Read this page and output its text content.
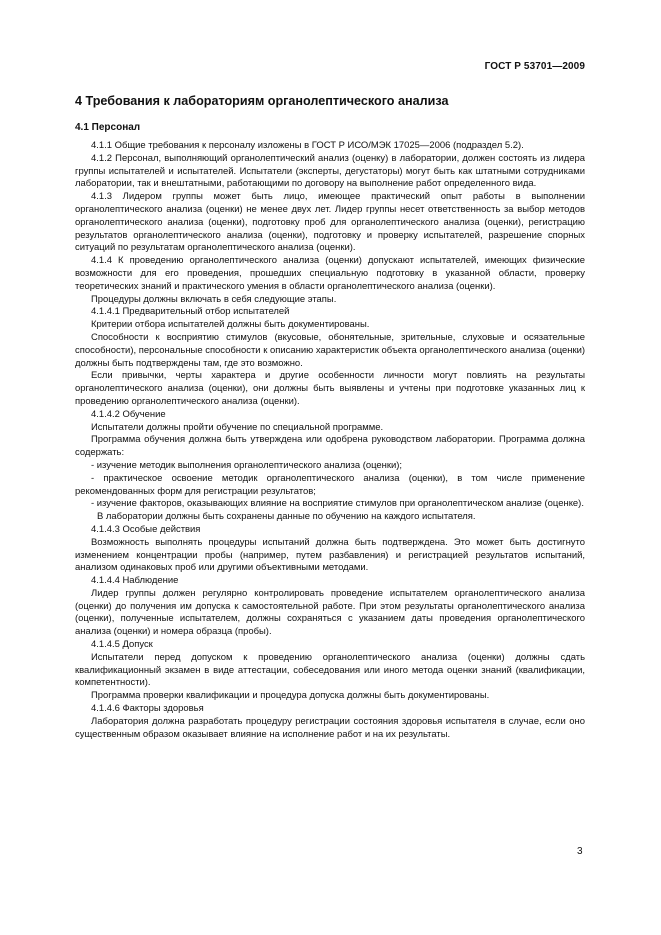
ГОСТ Р 53701—2009
4 Требования к лабораториям органолептического анализа
4.1 Персонал

4.1.1 Общие требования к персоналу изложены в ГОСТ Р ИСО/МЭК 17025—2006 (подраздел 5.2).

4.1.2 Персонал, выполняющий органолептический анализ (оценку) в лаборатории, должен состоять из лидера группы испытателей и испытателей. Испытатели (эксперты, дегустаторы) могут быть как штатными сотрудниками лаборатории, так и внештатными, работающими по договору на выполнение работ определенного вида.

4.1.3 Лидером группы может быть лицо, имеющее практический опыт работы в выполнении органолептического анализа (оценки) не менее двух лет. Лидер группы несет ответственность за выбор методов органолептического анализа (оценки), подготовку проб для органолептического анализа (оценки), регистрацию результатов органолептического анализа (оценки), подготовку и проверку испытателей, разрешение спорных ситуаций по результатам органолептического анализа (оценки).

4.1.4 К проведению органолептического анализа (оценки) допускают испытателей, имеющих физические возможности для его проведения, прошедших специальную подготовку в указанной области, проверку теоретических знаний и практического умения в области органолептического анализа (оценки).

Процедуры должны включать в себя следующие этапы.

4.1.4.1 Предварительный отбор испытателей

Критерии отбора испытателей должны быть документированы.

Способности к восприятию стимулов (вкусовые, обонятельные, зрительные, слуховые и осязательные способности), персональные способности к описанию характеристик объекта органолептического анализа (оценки) должны быть подтверждены там, где это возможно.

Если привычки, черты характера и другие особенности личности могут повлиять на результаты органолептического анализа (оценки), они должны быть выявлены и учтены при подготовке указанных лиц к проведению органолептического анализа (оценки).

4.1.4.2 Обучение

Испытатели должны пройти обучение по специальной программе.

Программа обучения должна быть утверждена или одобрена руководством лаборатории. Программа должна содержать:

- изучение методик выполнения органолептического анализа (оценки);

- практическое освоение методик органолептического анализа (оценки), в том числе применение рекомендованных форм для регистрации результатов;

- изучение факторов, оказывающих влияние на восприятие стимулов при органолептическом анализе (оценке).

В лаборатории должны быть сохранены данные по обучению на каждого испытателя.

4.1.4.3 Особые действия

Возможность выполнять процедуры испытаний должна быть подтверждена. Это может быть достигнуто изменением концентрации пробы (например, путем разбавления) и регистрацией результатов испытаний, анализом одинаковых проб или другими объективными методами.

4.1.4.4 Наблюдение

Лидер группы должен регулярно контролировать проведение испытателем органолептического анализа (оценки) до получения им допуска к самостоятельной работе. При этом результаты органолептического анализа (оценки), полученные испытателем, должны сохраняться с указанием даты проведения органолептического анализа (оценки) и номера образца (пробы).

4.1.4.5 Допуск

Испытатели перед допуском к проведению органолептического анализа (оценки) должны сдать квалификационный экзамен в виде аттестации, собеседования или иного метода оценки знаний (квалификации, компетентности).

Программа проверки квалификации и процедура допуска должны быть документированы.

4.1.4.6 Факторы здоровья

Лаборатория должна разработать процедуру регистрации состояния здоровья испытателя в случае, если оно существенным образом оказывает влияние на исполнение работ и на их результаты.

3
